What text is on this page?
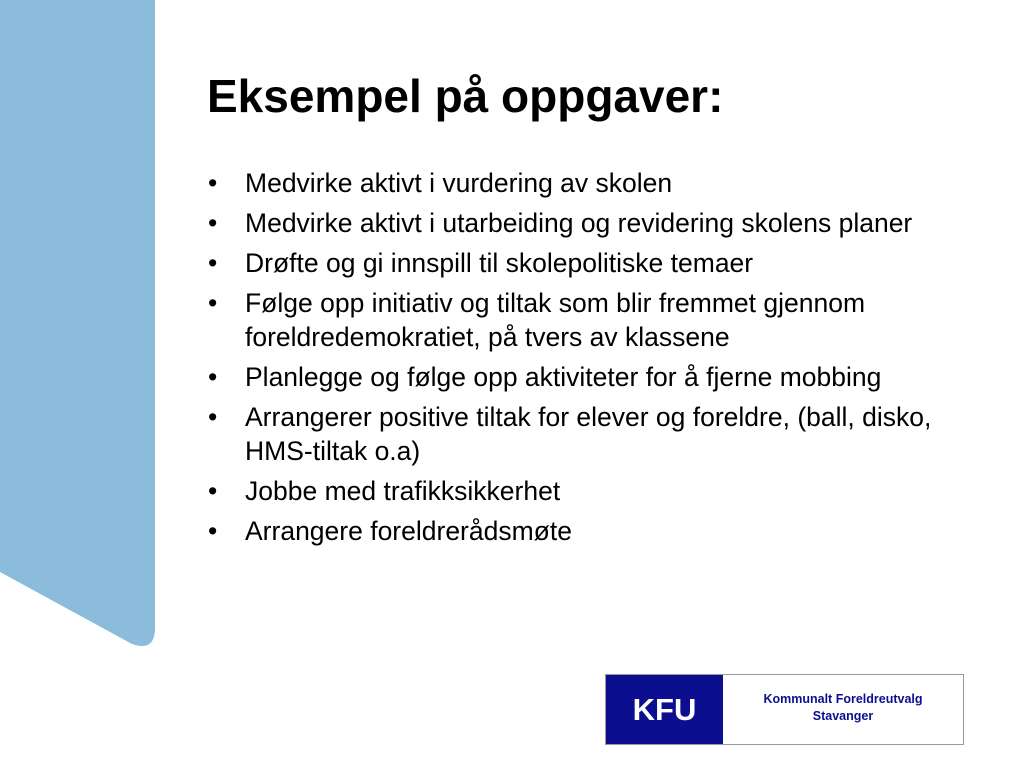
Eksempel på oppgaver:
• Medvirke aktivt i vurdering av skolen
• Medvirke aktivt i utarbeiding og revidering skolens planer
• Drøfte og gi innspill til skolepolitiske temaer
• Følge opp initiativ og tiltak som blir fremmet gjennom foreldredemokratiet, på tvers av klassene
• Planlegge og følge opp aktiviteter for å fjerne mobbing
• Arrangerer positive tiltak for elever og foreldre, (ball, disko, HMS-tiltak o.a)
• Jobbe med trafikksikkerhet
• Arrangere foreldrerådsmøte
KFU	Kommunalt Foreldreutvalg
Stavanger
